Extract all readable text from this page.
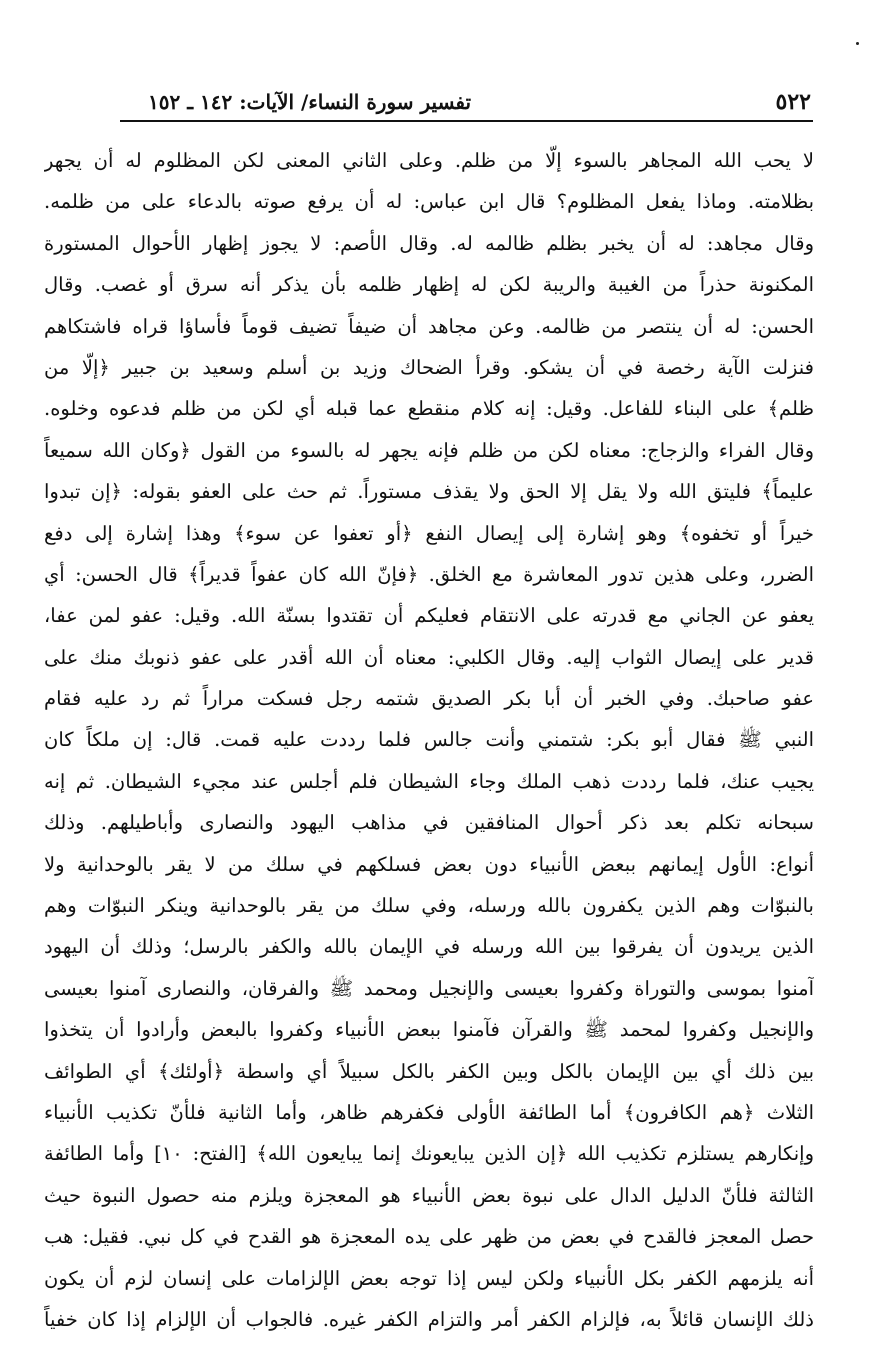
٥٢٢
تفسير سورة النساء/ الآيات: ١٤٢ ـ ١٥٢
لا يحب الله المجاهر بالسوء إلّا من ظلم. وعلى الثاني المعنى لكن المظلوم له أن يجهر
بظلامته. وماذا يفعل المظلوم؟ قال ابن عباس: له أن يرفع صوته بالدعاء على من ظلمه.
وقال مجاهد: له أن يخبر بظلم ظالمه له. وقال الأصم: لا يجوز إظهار الأحوال المستورة
المكنونة حذراً من الغيبة والريبة لكن له إظهار ظلمه بأن يذكر أنه سرق أو غصب. وقال
الحسن: له أن ينتصر من ظالمه. وعن مجاهد أن ضيفاً تضيف قوماً فأساؤا قراه فاشتكاهم
فنزلت الآية رخصة في أن يشكو. وقرأ الضحاك وزيد بن أسلم وسعيد بن جبير ﴿إلّا من
ظلم﴾ على البناء للفاعل. وقيل: إنه كلام منقطع عما قبله أي لكن من ظلم فدعوه وخلوه.
وقال الفراء والزجاج: معناه لكن من ظلم فإنه يجهر له بالسوء من القول ﴿وكان الله سميعاً
عليماً﴾ فليتق الله ولا يقل إلا الحق ولا يقذف مستوراً. ثم حث على العفو بقوله: ﴿إن تبدوا
خيراً أو تخفوه﴾ وهو إشارة إلى إيصال النفع ﴿أو تعفوا عن سوء﴾ وهذا إشارة إلى دفع
الضرر، وعلى هذين تدور المعاشرة مع الخلق. ﴿فإنّ الله كان عفواً قديراً﴾ قال الحسن: أي
يعفو عن الجاني مع قدرته على الانتقام فعليكم أن تقتدوا بسنّة الله. وقيل: عفو لمن عفا،
قدير على إيصال الثواب إليه. وقال الكلبي: معناه أن الله أقدر على عفو ذنوبك منك على
عفو صاحبك. وفي الخبر أن أبا بكر الصديق شتمه رجل فسكت مراراً ثم رد عليه فقام
النبي ﷺ فقال أبو بكر: شتمني وأنت جالس فلما رددت عليه قمت. قال: إن ملكاً كان
يجيب عنك، فلما رددت ذهب الملك وجاء الشيطان فلم أجلس عند مجيء الشيطان. ثم إنه
سبحانه تكلم بعد ذكر أحوال المنافقين في مذاهب اليهود والنصارى وأباطيلهم. وذلك
أنواع: الأول إيمانهم ببعض الأنبياء دون بعض فسلكهم في سلك من لا يقر بالوحدانية ولا
بالنبوّات وهم الذين يكفرون بالله ورسله، وفي سلك من يقر بالوحدانية وينكر النبوّات وهم
الذين يريدون أن يفرقوا بين الله ورسله في الإيمان بالله والكفر بالرسل؛ وذلك أن اليهود
آمنوا بموسى والتوراة وكفروا بعيسى والإنجيل ومحمد ﷺ والفرقان، والنصارى آمنوا بعيسى
والإنجيل وكفروا لمحمد ﷺ والقرآن فآمنوا ببعض الأنبياء وكفروا بالبعض وأرادوا أن يتخذوا
بين ذلك أي بين الإيمان بالكل وبين الكفر بالكل سبيلاً أي واسطة ﴿أولئك﴾ أي الطوائف
الثلاث ﴿هم الكافرون﴾ أما الطائفة الأولى فكفرهم ظاهر، وأما الثانية فلأنّ تكذيب الأنبياء
وإنكارهم يستلزم تكذيب الله ﴿إن الذين يبايعونك إنما يبايعون الله﴾ [الفتح: ١٠] وأما الطائفة
الثالثة فلأنّ الدليل الدال على نبوة بعض الأنبياء هو المعجزة ويلزم منه حصول النبوة حيث
حصل المعجز فالقدح في بعض من ظهر على يده المعجزة هو القدح في كل نبي. فقيل: هب
أنه يلزمهم الكفر بكل الأنبياء ولكن ليس إذا توجه بعض الإلزامات على إنسان لزم أن يكون
ذلك الإنسان قائلاً به، فإلزام الكفر أمر والتزام الكفر غيره. فالجواب أن الإلزام إذا كان خفياً
